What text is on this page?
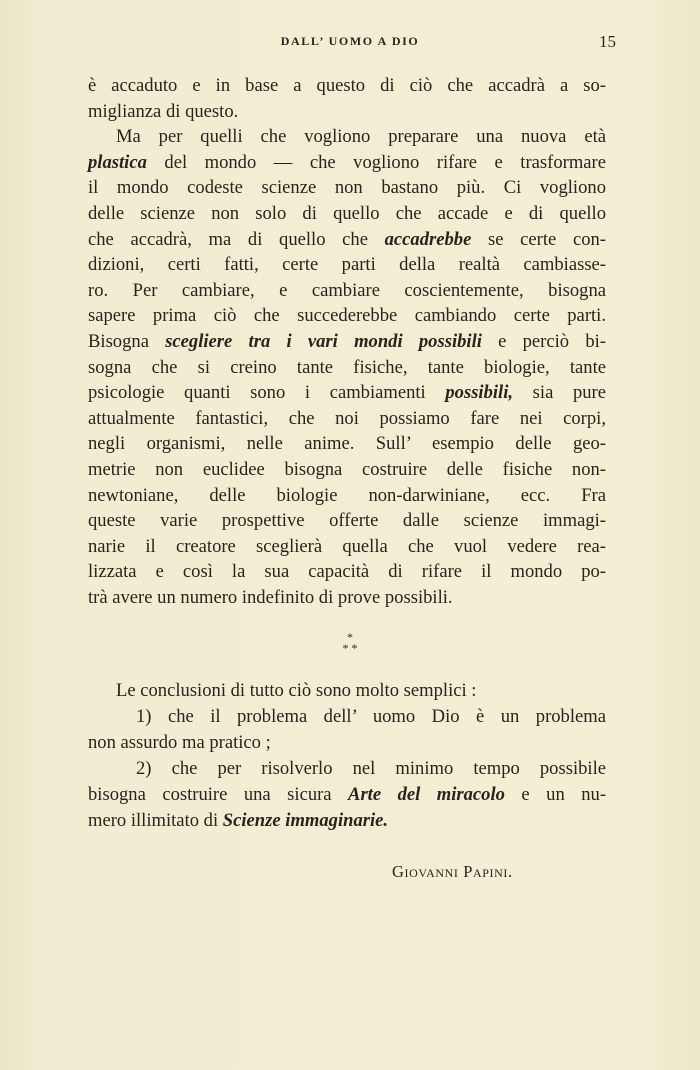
DALL’ UOMO A DIO	15
è accaduto e in base a questo di ciò che accadrà a so-
miglianza di questo.
Ma per quelli che vogliono preparare una nuova età
plastica del mondo — che vogliono rifare e trasformare
il mondo codeste scienze non bastano più. Ci vogliono
delle scienze non solo di quello che accade e di quello
che accadrà, ma di quello che accadrebbe se certe con-
dizioni, certi fatti, certe parti della realtà cambiasse-
ro. Per cambiare, e cambiare coscientemente, bisogna
sapere prima ciò che succederebbe cambiando certe parti.
Bisogna scegliere tra i vari mondi possibili e perciò bi-
sogna che si creino tante fisiche, tante biologie, tante
psicologie quanti sono i cambiamenti possibili, sia pure
attualmente fantastici, che noi possiamo fare nei corpi,
negli organismi, nelle anime. Sull’ esempio delle geo-
metrie non euclidee bisogna costruire delle fisiche non-
newtoniane, delle biologie non-darwiniane, ecc. Fra
queste varie prospettive offerte dalle scienze immagi-
narie il creatore sceglierà quella che vuol vedere rea-
lizzata e così la sua capacità di rifare il mondo po-
trà avere un numero indefinito di prove possibili.
*
* *
Le conclusioni di tutto ciò sono molto semplici :
1) che il problema dell’ uomo Dio è un problema
non assurdo ma pratico ;
2) che per risolverlo nel minimo tempo possibile
bisogna costruire una sicura Arte del miracolo e un nu-
mero illimitato di Scienze immaginarie.
Giovanni Papini.
